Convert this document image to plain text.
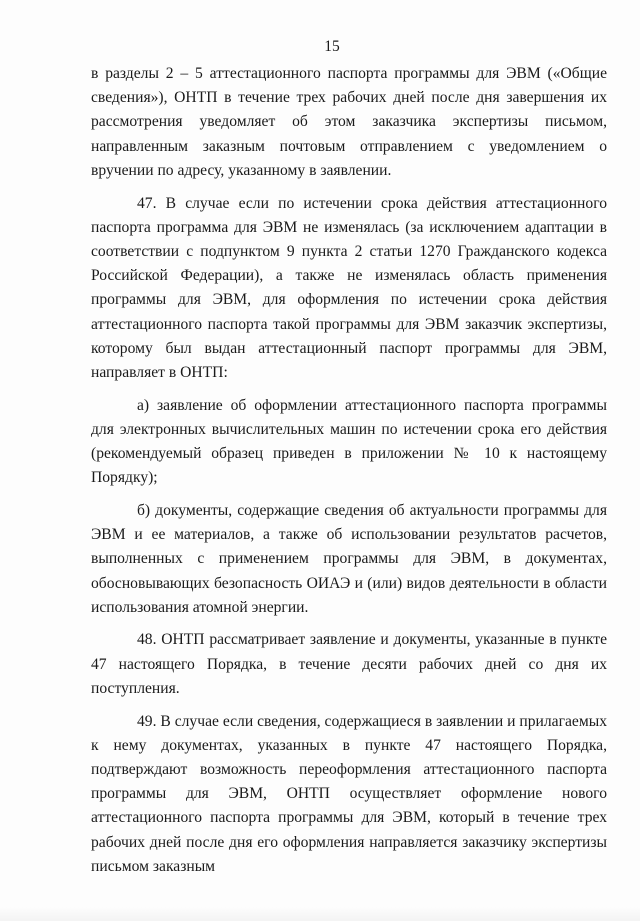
15

в разделы 2 – 5 аттестационного паспорта программы для ЭВМ («Общие сведения»), ОНТП в течение трех рабочих дней после дня завершения их рассмотрения уведомляет об этом заказчика экспертизы письмом, направленным заказным почтовым отправлением с уведомлением о вручении по адресу, указанному в заявлении.

47. В случае если по истечении срока действия аттестационного паспорта программа для ЭВМ не изменялась (за исключением адаптации в соответствии с подпунктом 9 пункта 2 статьи 1270 Гражданского кодекса Российской Федерации), а также не изменялась область применения программы для ЭВМ, для оформления по истечении срока действия аттестационного паспорта такой программы для ЭВМ заказчик экспертизы, которому был выдан аттестационный паспорт программы для ЭВМ, направляет в ОНТП:

а) заявление об оформлении аттестационного паспорта программы для электронных вычислительных машин по истечении срока его действия (рекомендуемый образец приведен в приложении № 10 к настоящему Порядку);

б) документы, содержащие сведения об актуальности программы для ЭВМ и ее материалов, а также об использовании результатов расчетов, выполненных с применением программы для ЭВМ, в документах, обосновывающих безопасность ОИАЭ и (или) видов деятельности в области использования атомной энергии.

48. ОНТП рассматривает заявление и документы, указанные в пункте 47 настоящего Порядка, в течение десяти рабочих дней со дня их поступления.

49. В случае если сведения, содержащиеся в заявлении и прилагаемых к нему документах, указанных в пункте 47 настоящего Порядка, подтверждают возможность переоформления аттестационного паспорта программы для ЭВМ, ОНТП осуществляет оформление нового аттестационного паспорта программы для ЭВМ, который в течение трех рабочих дней после дня его оформления направляется заказчику экспертизы письмом заказным
